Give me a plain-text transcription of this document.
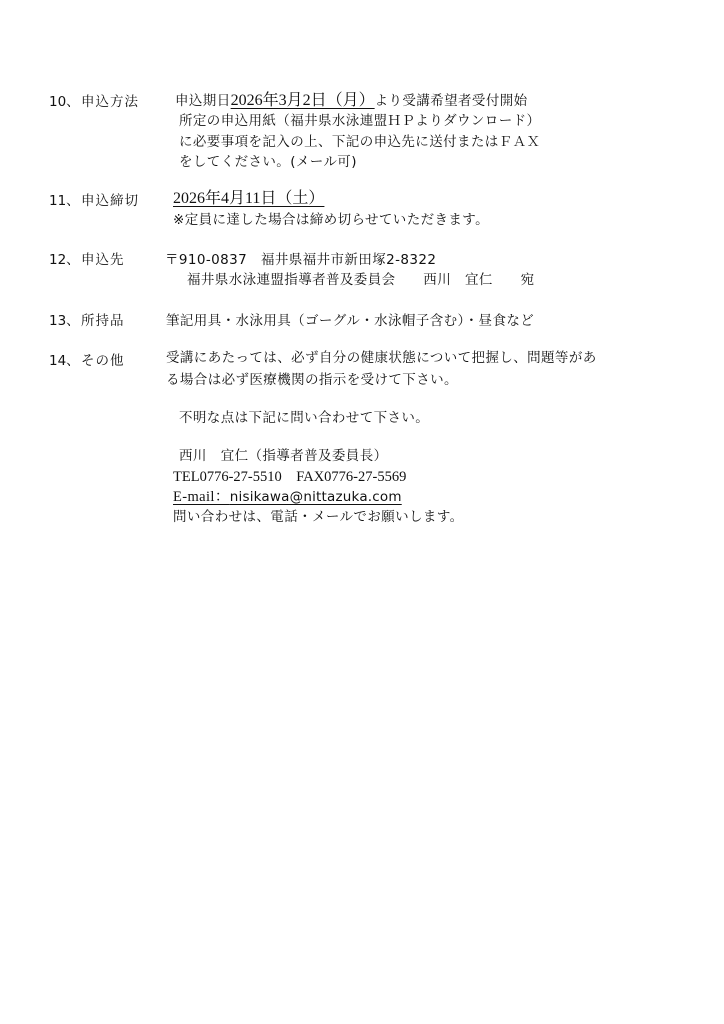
10、 申込方法	申込期日2026年3月2日（月）より受講希望者受付開始
所定の申込用紙（福井県水泳連盟ＨＰよりダウンロード）
に必要事項を記入の上、下記の申込先に送付またはＦＡＸ
をしてください。(メール可)
11、 申込締切 2026年4月11日（土）
※定員に達した場合は締め切らせていただきます。
12、 申込先	〒910-0837　福井県福井市新田塚2-8322
福井県水泳連盟指導者普及委員会　　西川　宜仁　　宛
13、 所持品	筆記用具・水泳用具（ゴーグル・水泳帽子含む）・昼食など
14、 その他	受講にあたっては、必ず自分の健康状態について把握し、問題等があ
る場合は必ず医療機関の指示を受けて下さい。
不明な点は下記に問い合わせて下さい。
西川　宜仁（指導者普及委員長）
TEL0776-27-5510　FAX0776-27-5569
E-mail：nisikawa@nittazuka.com
問い合わせは、電話・メールでお願いします。
